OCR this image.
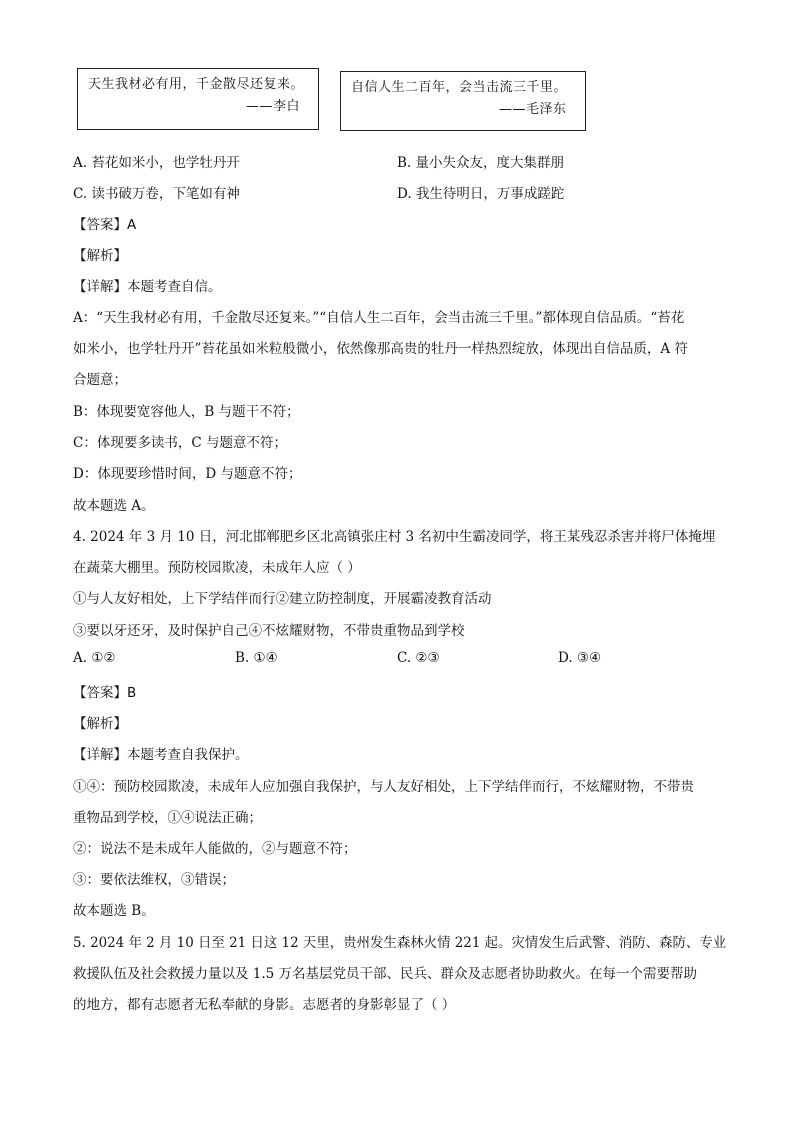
天生我材必有用，千金散尽还复来。
——李白
自信人生二百年，会当击流三千里。
——毛泽东
A. 苔花如米小，也学牡丹开	B. 量小失众友，度大集群朋
C. 读书破万卷，下笔如有神	D. 我生待明日，万事成蹉跎
【答案】A
【解析】
【详解】本题考查自信。
A：“天生我材必有用，千金散尽还复来。”“自信人生二百年，会当击流三千里。”都体现自信品质。“苔花
如米小，也学牡丹开”苔花虽如米粒般微小，依然像那高贵的牡丹一样热烈绽放，体现出自信品质，A 符
合题意；
B：体现要宽容他人，B 与题干不符；
C：体现要多读书，C 与题意不符；
D：体现要珍惜时间，D 与题意不符；
故本题选 A。
4. 2024 年 3 月 10 日，河北邯郸肥乡区北高镇张庄村 3 名初中生霸凌同学，将王某残忍杀害并将尸体掩埋
在蔬菜大棚里。预防校园欺凌，未成年人应（ ）
①与人友好相处，上下学结伴而行②建立防控制度，开展霸凌教育活动
③要以牙还牙，及时保护自己④不炫耀财物，不带贵重物品到学校
A. ①②	B. ①④	C. ②③	D. ③④
【答案】B
【解析】
【详解】本题考查自我保护。
①④：预防校园欺凌，未成年人应加强自我保护，与人友好相处，上下学结伴而行，不炫耀财物，不带贵
重物品到学校，①④说法正确；
②：说法不是未成年人能做的，②与题意不符；
③：要依法维权，③错误；
故本题选 B。
5. 2024 年 2 月 10 日至 21 日这 12 天里，贵州发生森林火情 221 起。灾情发生后武警、消防、森防、专业
救援队伍及社会救援力量以及 1.5 万名基层党员干部、民兵、群众及志愿者协助救火。在每一个需要帮助
的地方，都有志愿者无私奉献的身影。志愿者的身影彰显了（ ）
